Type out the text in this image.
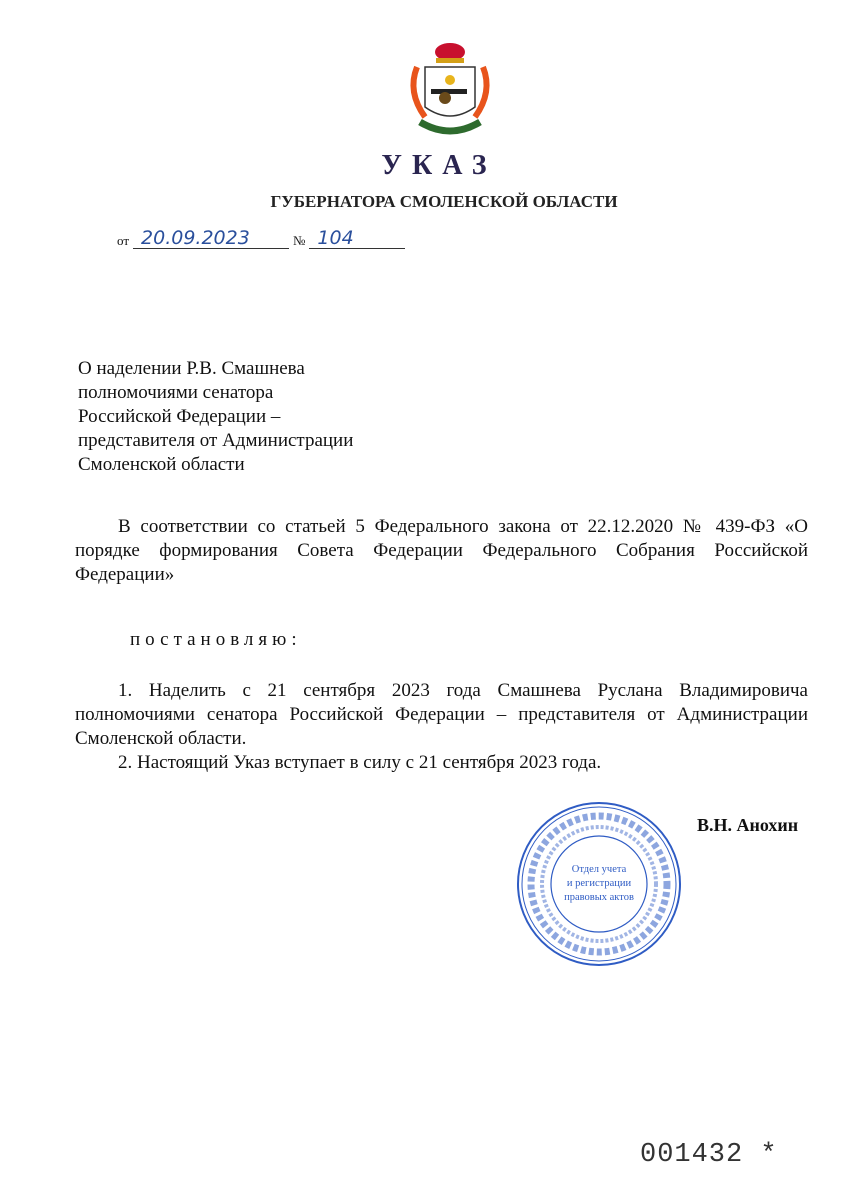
УКАЗ
ГУБЕРНАТОРА СМОЛЕНСКОЙ ОБЛАСТИ
от 20.09.2023	№ 104
О наделении Р.В. Смашнева
полномочиями сенатора
Российской Федерации –
представителя от Администрации
Смоленской области
В соответствии со статьей 5 Федерального закона от 22.12.2020 № 439-ФЗ «О порядке формирования Совета Федерации Федерального Собрания Российской Федерации»
постановляю:
1. Наделить с 21 сентября 2023 года Смашнева Руслана Владимировича полномочиями сенатора Российской Федерации – представителя от Администрации Смоленской области.
2. Настоящий Указ вступает в силу с 21 сентября 2023 года.
Отдел учета
и регистрации
правовых актов
В.Н. Анохин
001432 *
